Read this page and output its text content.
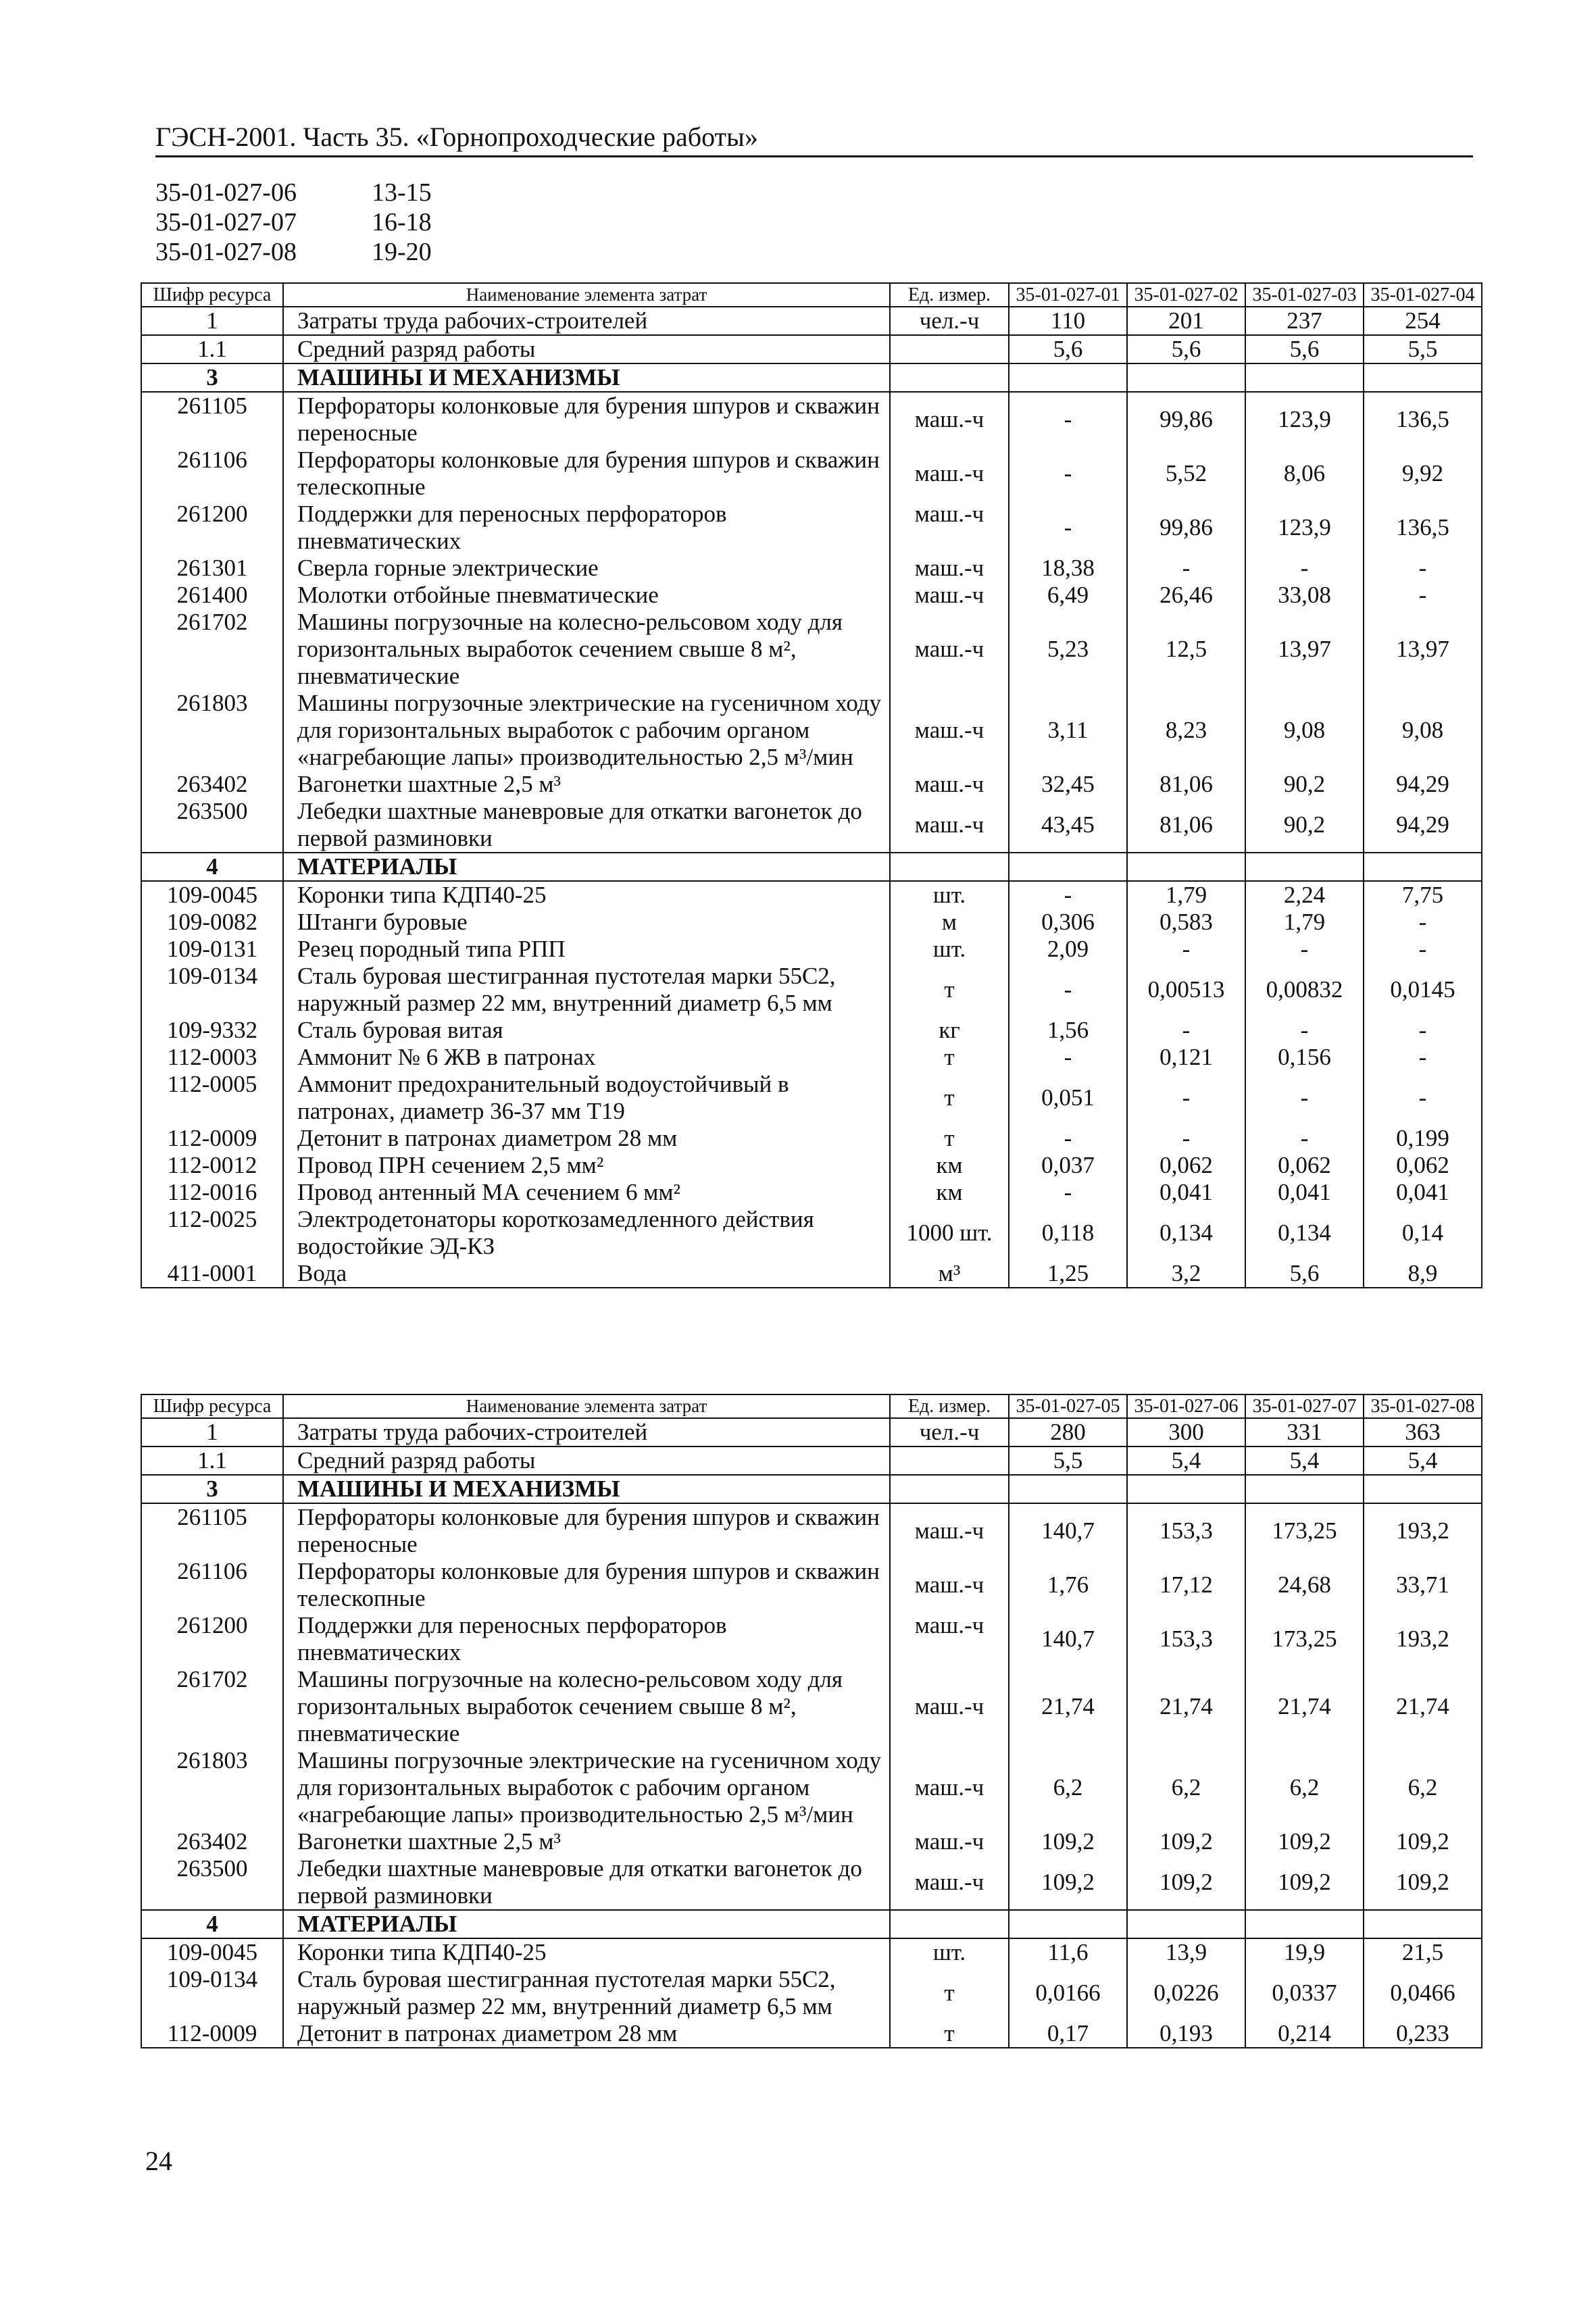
ГЭСН-2001. Часть 35. «Горнопроходческие работы»
35-01-027-06	13-15
35-01-027-07	16-18
35-01-027-08	19-20
Шифр ресурса	Наименование элемента затрат	Ед. измер.	35-01-027-01	35-01-027-02	35-01-027-03	35-01-027-04
1	Затраты труда рабочих-строителей	чел.-ч	110	201	237	254
1.1	Средний разряд работы		5,6	5,6	5,6	5,5
3	МАШИНЫ И МЕХАНИЗМЫ					
261105	Перфораторы колонковые для бурения шпуров и скважин переносные	маш.-ч	-	99,86	123,9	136,5
261106	Перфораторы колонковые для бурения шпуров и скважин телескопные	маш.-ч	-	5,52	8,06	9,92
261200	Поддержки для переносных перфораторов пневматических	маш.-ч	-	99,86	123,9	136,5
261301	Сверла горные электрические	маш.-ч	18,38	-	-	-
261400	Молотки отбойные пневматические	маш.-ч	6,49	26,46	33,08	-
261702	Машины погрузочные на колесно-рельсовом ходу для горизонтальных выработок сечением свыше 8 м², пневматические	маш.-ч	5,23	12,5	13,97	13,97
261803	Машины погрузочные электрические на гусеничном ходу для горизонтальных выработок с рабочим органом «нагребающие лапы» производительностью 2,5 м³/мин	маш.-ч	3,11	8,23	9,08	9,08
263402	Вагонетки шахтные 2,5 м³	маш.-ч	32,45	81,06	90,2	94,29
263500	Лебедки шахтные маневровые для откатки вагонеток до первой разминовки	маш.-ч	43,45	81,06	90,2	94,29
4	МАТЕРИАЛЫ					
109-0045	Коронки типа КДП40-25	шт.	-	1,79	2,24	7,75
109-0082	Штанги буровые	м	0,306	0,583	1,79	-
109-0131	Резец породный типа РПП	шт.	2,09	-	-	-
109-0134	Сталь буровая шестигранная пустотелая марки 55С2, наружный размер 22 мм, внутренний диаметр 6,5 мм	т	-	0,00513	0,00832	0,0145
109-9332	Сталь буровая витая	кг	1,56	-	-	-
112-0003	Аммонит № 6 ЖВ в патронах	т	-	0,121	0,156	-
112-0005	Аммонит предохранительный водоустойчивый в патронах, диаметр 36-37 мм Т19	т	0,051	-	-	-
112-0009	Детонит в патронах диаметром 28 мм	т	-	-	-	0,199
112-0012	Провод ПРН сечением 2,5 мм²	км	0,037	0,062	0,062	0,062
112-0016	Провод антенный МА сечением 6 мм²	км	-	0,041	0,041	0,041
112-0025	Электродетонаторы короткозамедленного действия водостойкие ЭД-КЗ	1000 шт.	0,118	0,134	0,134	0,14
411-0001	Вода	м³	1,25	3,2	5,6	8,9
Шифр ресурса	Наименование элемента затрат	Ед. измер.	35-01-027-05	35-01-027-06	35-01-027-07	35-01-027-08
1	Затраты труда рабочих-строителей	чел.-ч	280	300	331	363
1.1	Средний разряд работы		5,5	5,4	5,4	5,4
3	МАШИНЫ И МЕХАНИЗМЫ					
261105	Перфораторы колонковые для бурения шпуров и скважин переносные	маш.-ч	140,7	153,3	173,25	193,2
261106	Перфораторы колонковые для бурения шпуров и скважин телескопные	маш.-ч	1,76	17,12	24,68	33,71
261200	Поддержки для переносных перфораторов пневматических	маш.-ч	140,7	153,3	173,25	193,2
261702	Машины погрузочные на колесно-рельсовом ходу для горизонтальных выработок сечением свыше 8 м², пневматические	маш.-ч	21,74	21,74	21,74	21,74
261803	Машины погрузочные электрические на гусеничном ходу для горизонтальных выработок с рабочим органом «нагребающие лапы» производительностью 2,5 м³/мин	маш.-ч	6,2	6,2	6,2	6,2
263402	Вагонетки шахтные 2,5 м³	маш.-ч	109,2	109,2	109,2	109,2
263500	Лебедки шахтные маневровые для откатки вагонеток до первой разминовки	маш.-ч	109,2	109,2	109,2	109,2
4	МАТЕРИАЛЫ					
109-0045	Коронки типа КДП40-25	шт.	11,6	13,9	19,9	21,5
109-0134	Сталь буровая шестигранная пустотелая марки 55С2, наружный размер 22 мм, внутренний диаметр 6,5 мм	т	0,0166	0,0226	0,0337	0,0466
112-0009	Детонит в патронах диаметром 28 мм	т	0,17	0,193	0,214	0,233
24
